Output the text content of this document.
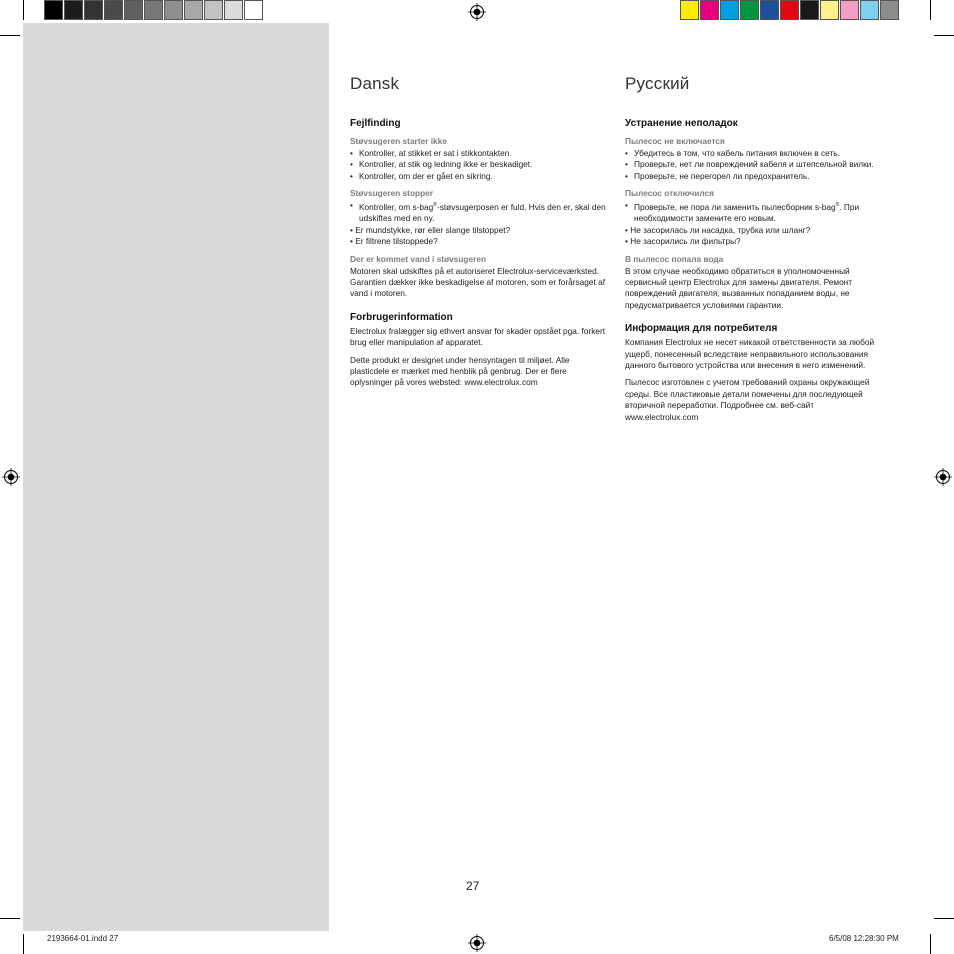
Dansk
Fejlfinding
Støvsugeren starter ikke
• Kontroller, at stikket er sat i stikkontakten.
• Kontroller, at stik og ledning ikke er beskadiget.
• Kontroller, om der er gået en sikring.
Støvsugeren stopper
• Kontroller, om s-bag®-støvsugerposen er fuld. Hvis den er, skal den udskiftes med en ny.
• Er mundstykke, rør eller slange tilstoppet?
• Er filtrene tilstoppede?
Der er kommet vand i støvsugeren

Motoren skal udskiftes på et autoriseret Electrolux-serviceværksted. Garantien dækker ikke beskadigelse af motoren, som er forårsaget af vand i motoren.

Forbrugerinformation

Electrolux fralægger sig ethvert ansvar for skader opstået pga. forkert brug eller manipulation af apparatet.

Dette produkt er designet under hensyntagen til miljøet. Alle plasticdele er mærket med henblik på genbrug. Der er flere oplysninger på vores websted: www.electrolux.com

Русский
Устранение неполадок
Пылесос не включается
• Убедитесь в том, что кабель питания включен в сеть.
• Проверьте, нет ли повреждений кабеля и штепсельной вилки.
• Проверьте, не перегорел ли предохранитель.
Пылесос отключился
• Проверьте, не пора ли заменить пылесборник s-bag®. При необходимости замените его новым.
• Не засорилась ли насадка, трубка или шланг?
• Не засорились ли фильтры?
В пылесос попала вода

В этом случае необходимо обратиться в уполномоченный сервисный центр Electrolux для замены двигателя. Ремонт повреждений двигателя, вызванных попаданием воды, не предусматривается условиями гарантии.

Информация для потребителя

Компания Electrolux не несет никакой ответственности за любой ущерб, понесенный вследствие неправильного использования данного бытового устройства или внесения в него изменений.

Пылесос изготовлен с учетом требований охраны окружающей среды. Все пластиковые детали помечены для последующей вторичной переработки. Подробнее см. веб-сайт www.electrolux.com

27
2193664-01.indd 27	6/5/08 12:28:30 PM
